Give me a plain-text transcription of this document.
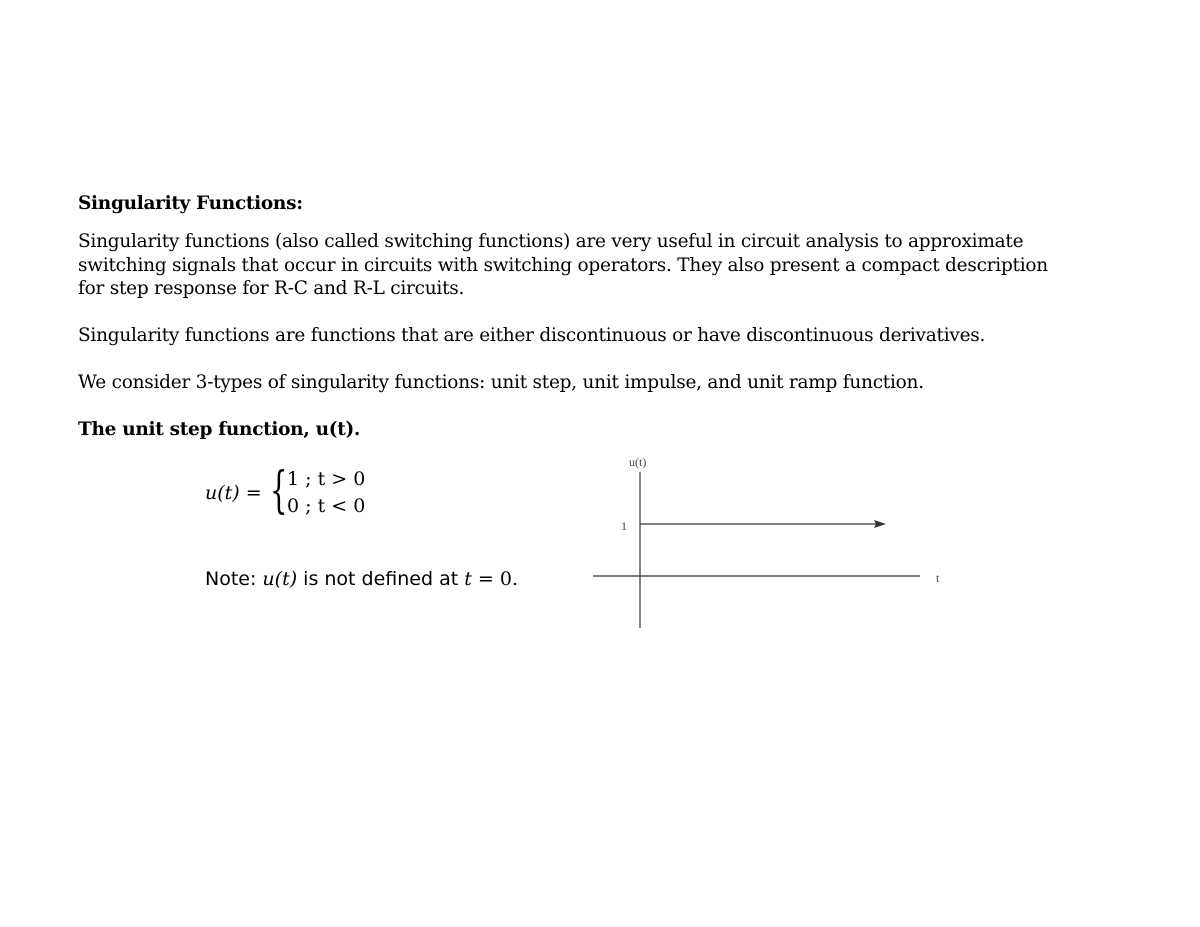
Singularity Functions:
Singularity functions (also called switching functions) are very useful in circuit analysis to approximate
switching signals that occur in circuits with switching operators. They also present a compact description
for step response for R-C and R-L circuits.
Singularity functions are functions that are either discontinuous or have discontinuous derivatives.
We consider 3-types of singularity functions: unit step, unit impulse, and unit ramp function.
The unit step function, u(t).
u(t) = { 1 ; t > 0
0 ; t < 0
Note: u(t) is not defined at t = 0.
u(t)
t
1
